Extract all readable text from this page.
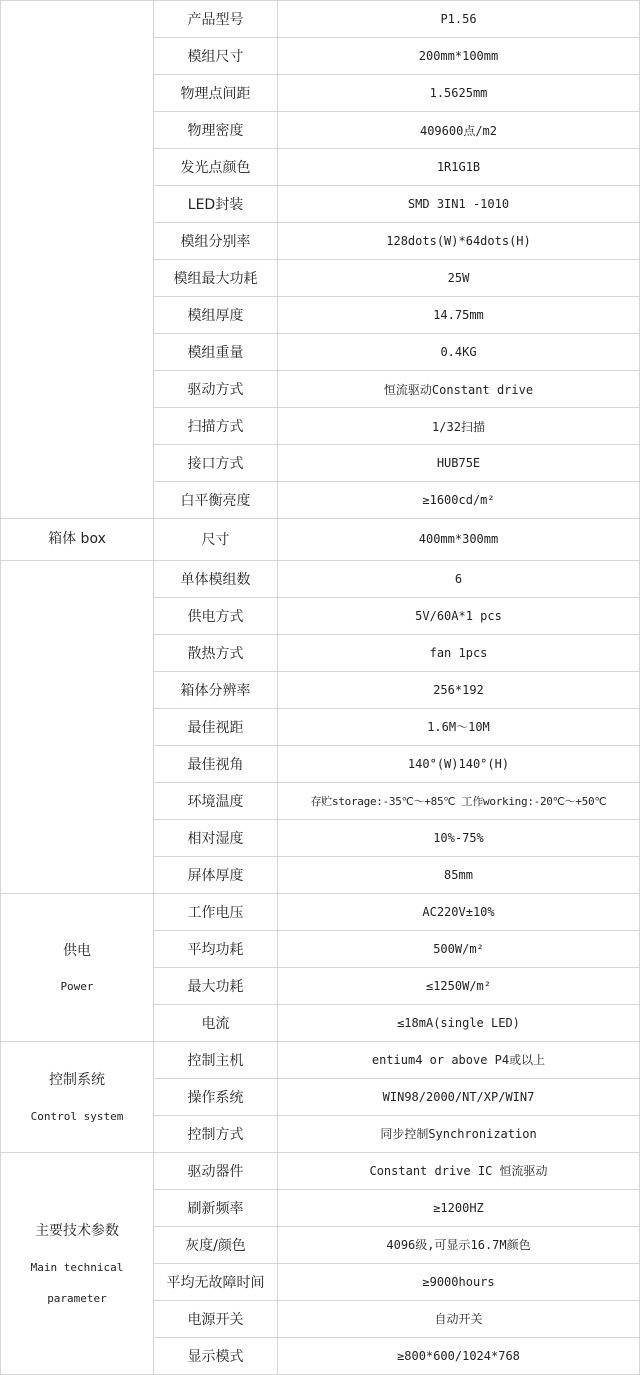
	产品型号	P1.56
	模组尺寸	200mm*100mm
	物理点间距	1.5625mm
	物理密度	409600点/m2
	发光点颜色	1R1G1B
	LED封装	SMD 3IN1 -1010
	模组分别率	128dots(W)*64dots(H)
	模组最大功耗	25W
	模组厚度	14.75mm
	模组重量	0.4KG
	驱动方式	恒流驱动Constant drive
	扫描方式	1/32扫描
	接口方式	HUB75E
	白平衡亮度	≥1600cd/m²
箱体 box	尺寸	400mm*300mm
	单体模组数	6
	供电方式	5V/60A*1 pcs
	散热方式	fan 1pcs
	箱体分辨率	256*192
	最佳视距	1.6M～10M
	最佳视角	140°(W)140°(H)
	环境温度	存贮storage:-35℃～+85℃ 工作working:-20℃～+50℃
	相对湿度	10%-75%
	屏体厚度	85mm
供电
Power	工作电压	AC220V±10%
	平均功耗	500W/m²
	最大功耗	≤1250W/m²
	电流	≤18mA(single LED)
控制系统
Control system	控制主机	entium4 or above P4或以上
	操作系统	WIN98/2000/NT/XP/WIN7
	控制方式	同步控制Synchronization
主要技术参数
Main technical
parameter	驱动器件	Constant drive IC 恒流驱动
	刷新频率	≥1200HZ
	灰度/颜色	4096级,可显示16.7M颜色
	平均无故障时间	≥9000hours
	电源开关	自动开关
	显示模式	≥800*600/1024*768
